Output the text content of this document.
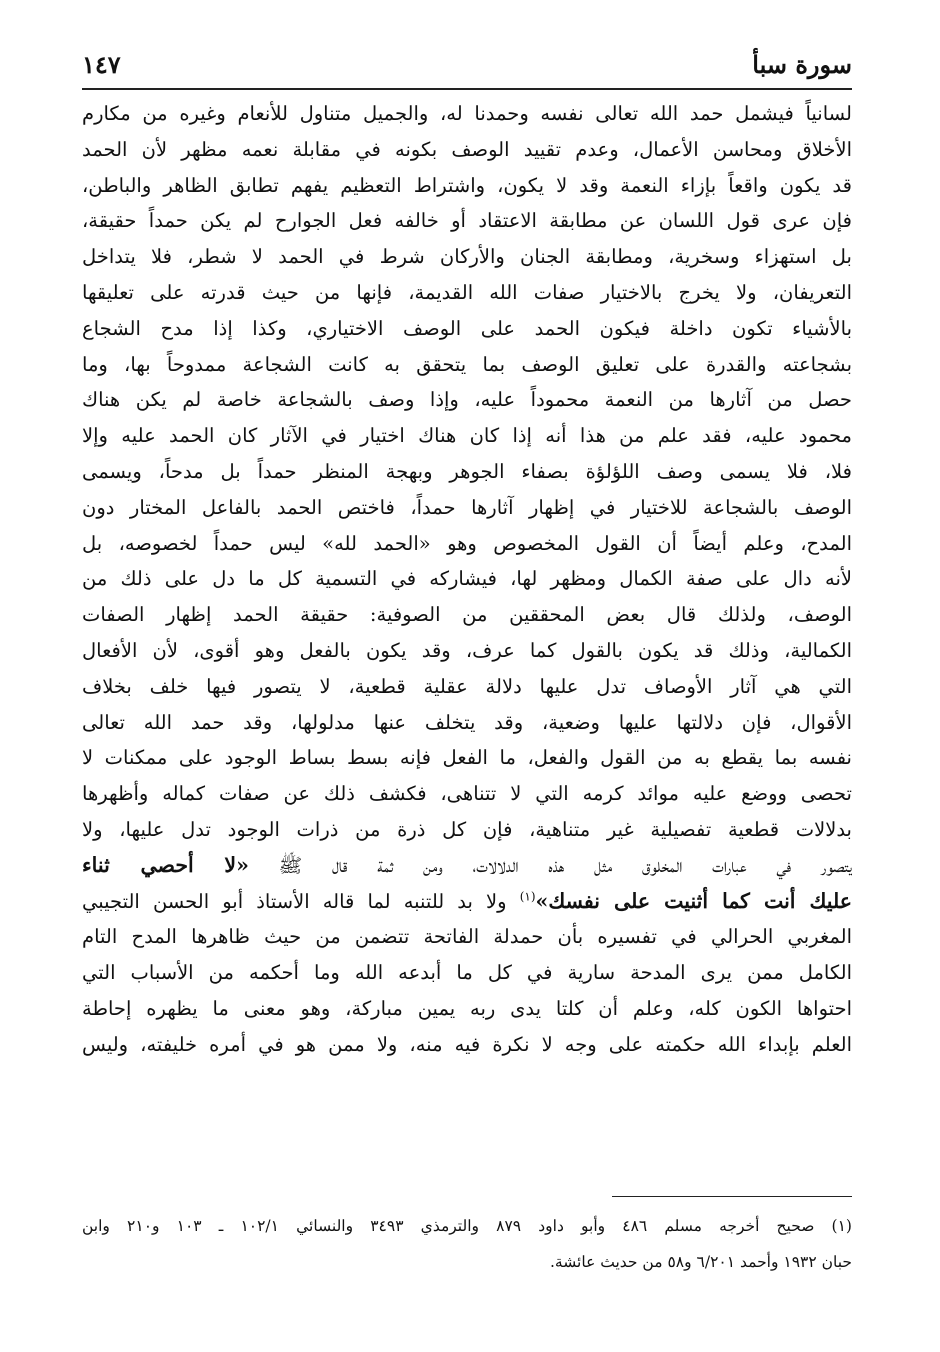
سورة سبأ
١٤٧
لسانياً فيشمل حمد الله تعالى نفسه وحمدنا له، والجميل متناول للأنعام وغيره من مكارم
الأخلاق ومحاسن الأعمال، وعدم تقييد الوصف بكونه في مقابلة نعمه مظهر لأن الحمد
قد يكون واقعاً بإزاء النعمة وقد لا يكون، واشتراط التعظيم يفهم تطابق الظاهر والباطن،
فإن عرى قول اللسان عن مطابقة الاعتقاد أو خالفه فعل الجوارح لم يكن حمداً حقيقة،
بل استهزاء وسخرية، ومطابقة الجنان والأركان شرط في الحمد لا شطر، فلا يتداخل
التعريفان، ولا يخرج بالاختيار صفات الله القديمة، فإنها من حيث قدرته على تعليقها
بالأشياء تكون داخلة فيكون الحمد على الوصف الاختياري، وكذا إذا مدح الشجاع
بشجاعته والقدرة على تعليق الوصف بما يتحقق به كانت الشجاعة ممدوحاً بها، وما
حصل من آثارها من النعمة محموداً عليه، وإذا وصف بالشجاعة خاصة لم يكن هناك
محمود عليه، فقد علم من هذا أنه إذا كان هناك اختيار في الآثار كان الحمد عليه وإلا
فلا، فلا يسمى وصف اللؤلؤة بصفاء الجوهر وبهجة المنظر حمداً بل مدحاً، ويسمى
الوصف بالشجاعة للاختيار في إظهار آثارها حمداً، فاختص الحمد بالفاعل المختار دون
المدح، وعلم أيضاً أن القول المخصوص وهو «الحمد لله» ليس حمداً لخصوصه، بل
لأنه دال على صفة الكمال ومظهر لها، فيشاركه في التسمية كل ما دل على ذلك من
الوصف، ولذلك قال بعض المحققين من الصوفية: حقيقة الحمد إظهار الصفات
الكمالية، وذلك قد يكون بالقول كما عرف، وقد يكون بالفعل وهو أقوى، لأن الأفعال
التي هي آثار الأوصاف تدل عليها دلالة عقلية قطعية، لا يتصور فيها خلف بخلاف
الأقوال، فإن دلالتها عليها وضعية، وقد يتخلف عنها مدلولها، وقد حمد الله تعالى
نفسه بما يقطع به من القول والفعل، ما الفعل فإنه بسط بساط الوجود على ممكنات لا
تحصى ووضع عليه موائد كرمه التي لا تتناهى، فكشف ذلك عن صفات كماله وأظهرها
بدلالات قطعية تفصيلية غير متناهية، فإن كل ذرة من ذرات الوجود تدل عليها، ولا
يتصور في عبارات المخلوق مثل هذه الدلالات، ومن ثمة قال ﷺ «لا أحصي ثناء
عليك أنت كما أثنيت على نفسك»$^{(١)}$ ولا بد للتنبه لما قاله الأستاذ أبو الحسن التجيبي
المغربي الحرالي في تفسيره بأن حمدلة الفاتحة تتضمن من حيث ظاهرها المدح التام
الكامل ممن يرى المدحة سارية في كل ما أبدعه الله وما أحكمه من الأسباب التي
احتواها الكون كله، وعلم أن كلتا يدى ربه يمين مباركة، وهو معنى ما يظهره إحاطة
العلم بإبداء الله حكمته على وجه لا نكرة فيه منه، ولا ممن هو في أمره خليفته، وليس
(١) صحيح أخرجه مسلم ٤٨٦ وأبو داود ٨٧٩ والترمذي ٣٤٩٣ والنسائي ١٠٢/١ ـ ١٠٣ و٢١٠ وابن
حبان ١٩٣٢ وأحمد ٦/٢٠١ و٥٨ من حديث عائشة.
